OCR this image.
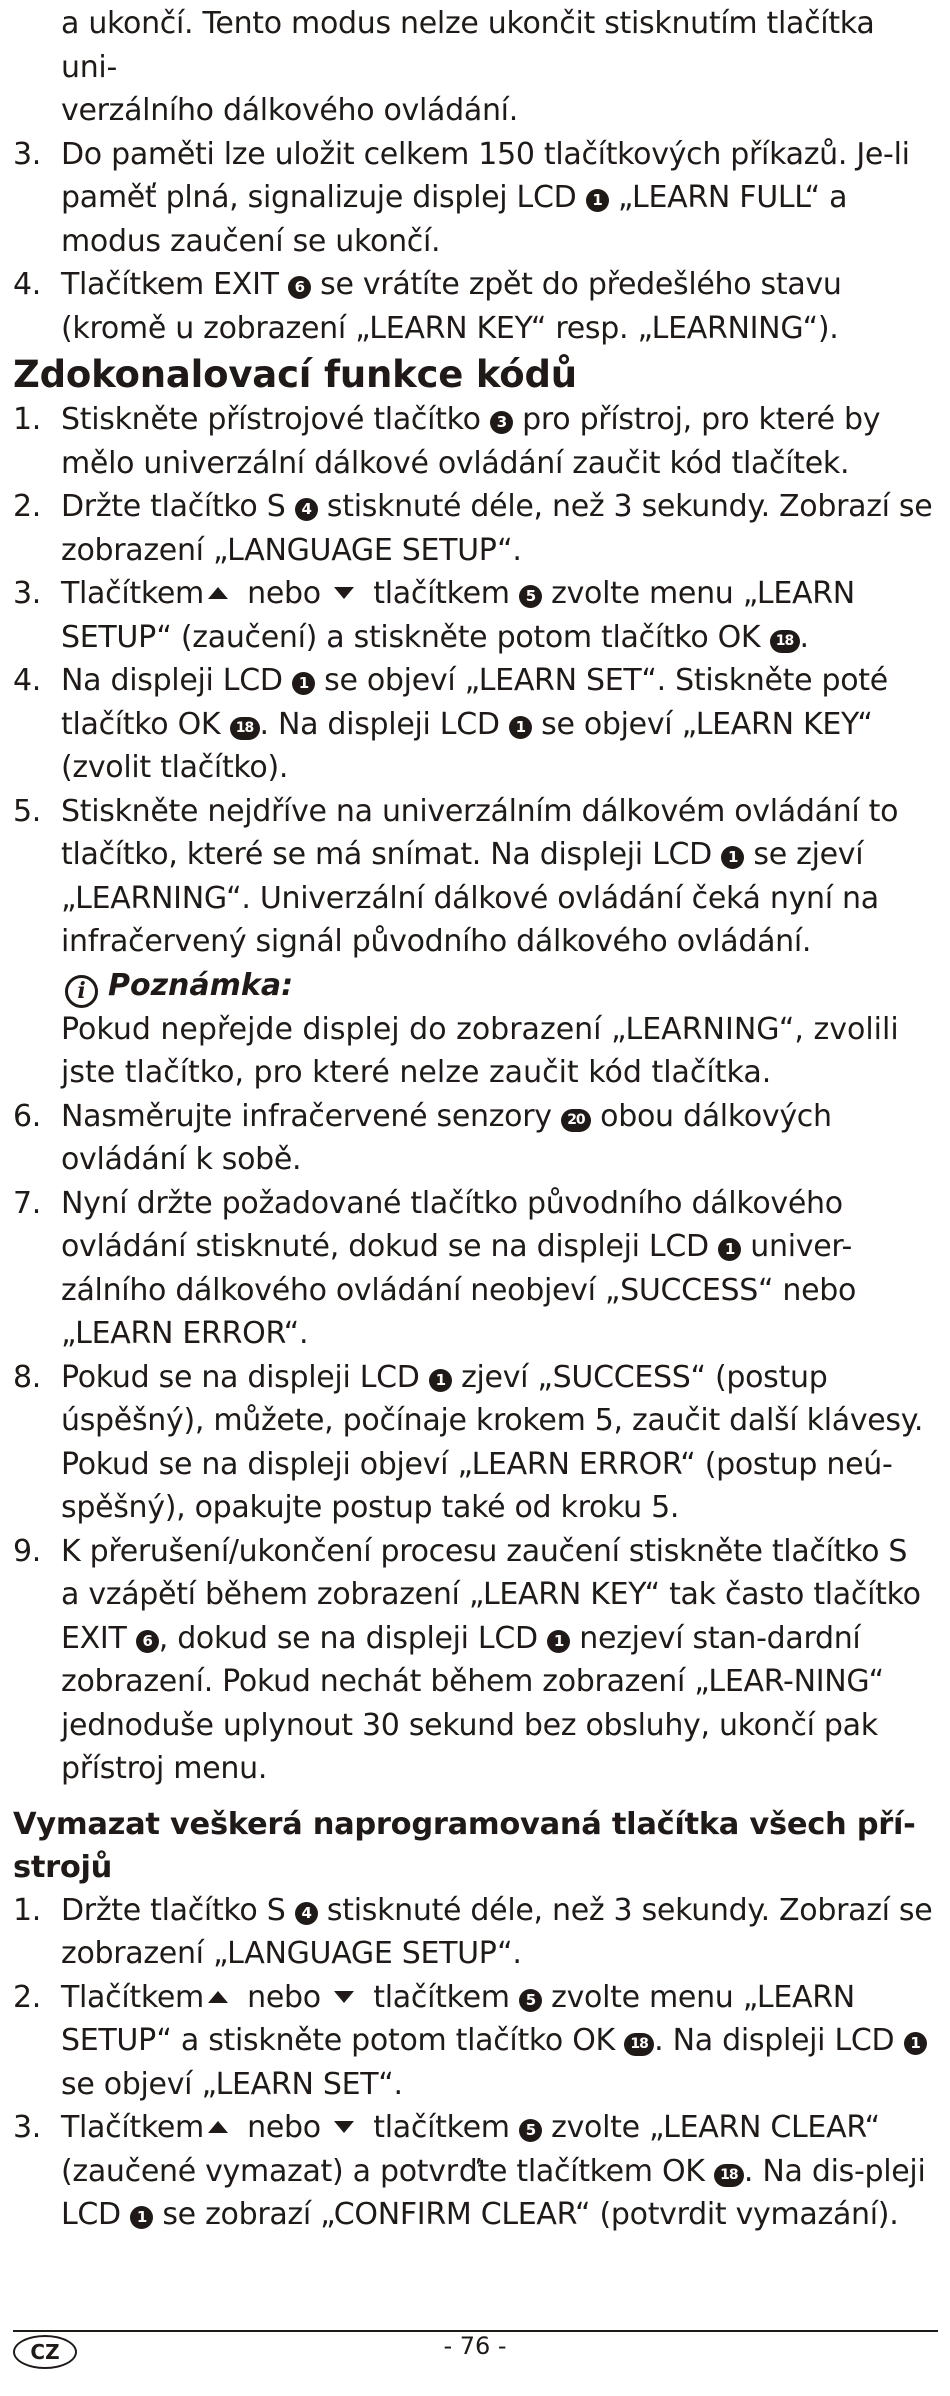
a ukončí. Tento modus nelze ukončit stisknutím tlačítka uni-
verzálního dálkového ovládání.
3. Do paměti lze uložit celkem 150 tlačítkových příkazů. Je-li paměť plná, signalizuje displej LCD 1 „LEARN FULL“ a modus zaučení se ukončí.
4. Tlačítkem EXIT 6 se vrátíte zpět do předešlého stavu (kromě u zobrazení „LEARN KEY“ resp. „LEARNING“).
Zdokonalovací funkce kódů
1. Stiskněte přístrojové tlačítko 3 pro přístroj, pro které by mělo univerzální dálkové ovládání zaučit kód tlačítek.
2. Držte tlačítko S 4 stisknuté déle, než 3 sekundy. Zobrazí se zobrazení „LANGUAGE SETUP“.
3. Tlačítkem nebo  tlačítkem 5 zvolte menu „LEARN SETUP“ (zaučení) a stiskněte potom tlačítko OK 18 .
4. Na displeji LCD 1 se objeví „LEARN SET“. Stiskněte poté tlačítko OK 18 . Na displeji LCD 1 se objeví „LEARN KEY“ (zvolit tlačítko).
5. Stiskněte nejdříve na univerzálním dálkovém ovládání to tlačítko, které se má snímat. Na displeji LCD 1 se zjeví „LEARNING“. Univerzální dálkové ovládání čeká nyní na infračervený signál původního dálkového ovládání.
i Poznámka:
Pokud nepřejde displej do zobrazení „LEARNING“, zvolili jste tlačítko, pro které nelze zaučit kód tlačítka.
6. Nasměrujte infračervené senzory 20 obou dálkových ovládání k sobě.
7. Nyní držte požadované tlačítko původního dálkového ovládání stisknuté, dokud se na displeji LCD 1 univer-zálního dálkového ovládání neobjeví „SUCCESS“ nebo „LEARN ERROR“.
8. Pokud se na displeji LCD 1 zjeví „SUCCESS“ (postup úspěšný), můžete, počínaje krokem 5, zaučit další klávesy. Pokud se na displeji objeví „LEARN ERROR“ (postup neú-spěšný), opakujte postup také od kroku 5.
9. K přerušení/ukončení procesu zaučení stiskněte tlačítko S a vzápětí během zobrazení „LEARN KEY“ tak často tlačítko EXIT 6 , dokud se na displeji LCD 1 nezjeví stan-dardní zobrazení. Pokud nechát během zobrazení „LEAR-NING“ jednoduše uplynout 30 sekund bez obsluhy, ukončí pak přístroj menu.
Vymazat veškerá naprogramovaná tlačítka všech pří-strojů
1. Držte tlačítko S 4 stisknuté déle, než 3 sekundy. Zobrazí se zobrazení „LANGUAGE SETUP“.
2. Tlačítkem nebo  tlačítkem 5 zvolte menu „LEARN SETUP“ a stiskněte potom tlačítko OK 18 . Na displeji LCD 1 se objeví „LEARN SET“.
3. Tlačítkem nebo  tlačítkem 5 zvolte „LEARN CLEAR“ (zaučené vymazat) a potvrďte tlačítkem OK 18 . Na dis-pleji LCD 1 se zobrazí „CONFIRM CLEAR“ (potvrdit vymazání).
CZ	- 76 -
